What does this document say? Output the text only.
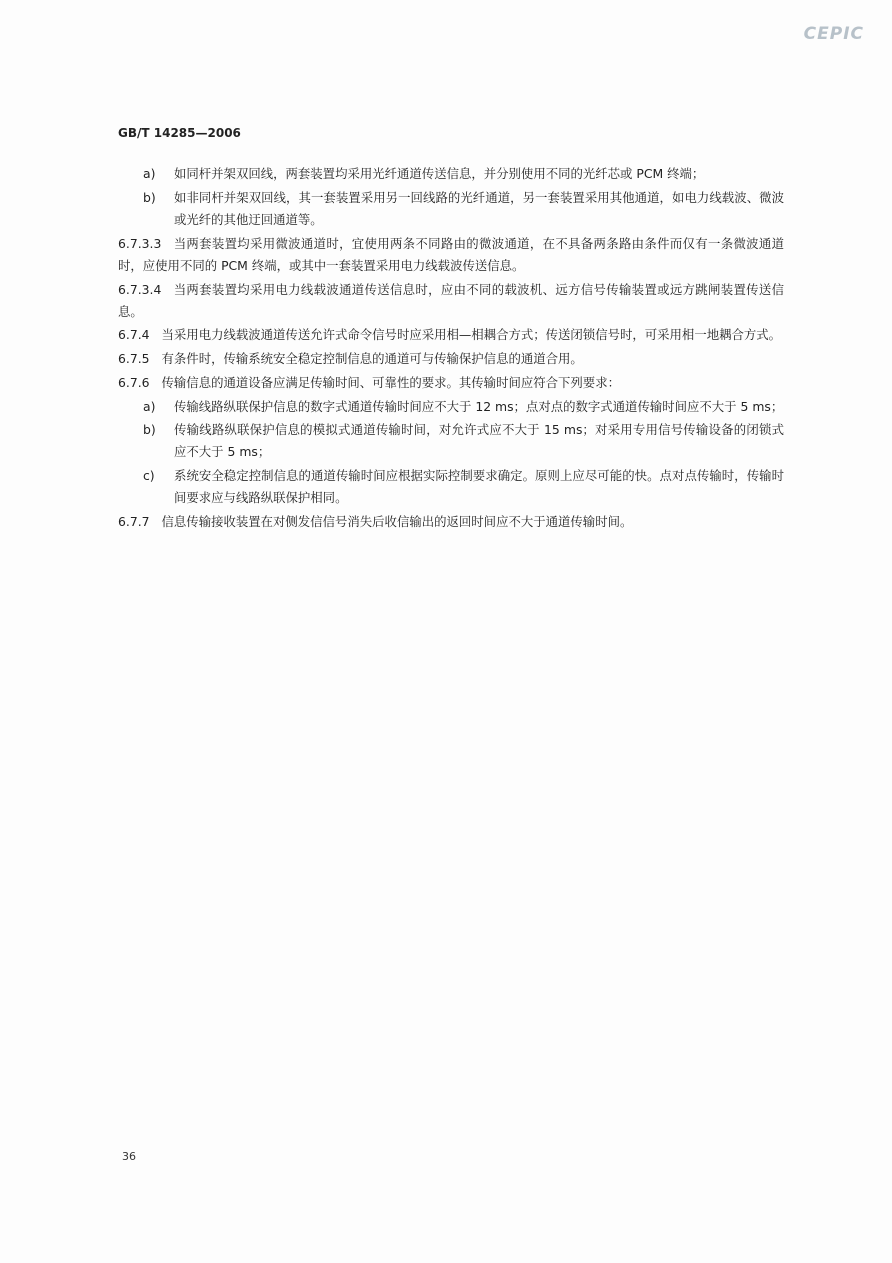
CEPIC
GB/T 14285—2006
a) 如同杆并架双回线，两套装置均采用光纤通道传送信息，并分别使用不同的光纤芯或 PCM 终端；
b) 如非同杆并架双回线，其一套装置采用另一回线路的光纤通道，另一套装置采用其他通道，如电力线载波、微波或光纤的其他迂回通道等。
6.7.3.3 当两套装置均采用微波通道时，宜使用两条不同路由的微波通道，在不具备两条路由条件而仅有一条微波通道时，应使用不同的 PCM 终端，或其中一套装置采用电力线载波传送信息。
6.7.3.4 当两套装置均采用电力线载波通道传送信息时，应由不同的载波机、远方信号传输装置或远方跳闸装置传送信息。
6.7.4 当采用电力线载波通道传送允许式命令信号时应采用相—相耦合方式；传送闭锁信号时，可采用相一地耦合方式。
6.7.5 有条件时，传输系统安全稳定控制信息的通道可与传输保护信息的通道合用。
6.7.6 传输信息的通道设备应满足传输时间、可靠性的要求。其传输时间应符合下列要求：
a) 传输线路纵联保护信息的数字式通道传输时间应不大于 12 ms；点对点的数字式通道传输时间应不大于 5 ms；
b) 传输线路纵联保护信息的模拟式通道传输时间，对允许式应不大于 15 ms；对采用专用信号传输设备的闭锁式应不大于 5 ms；
c) 系统安全稳定控制信息的通道传输时间应根据实际控制要求确定。原则上应尽可能的快。点对点传输时，传输时间要求应与线路纵联保护相同。
6.7.7 信息传输接收装置在对侧发信信号消失后收信输出的返回时间应不大于通道传输时间。
36
